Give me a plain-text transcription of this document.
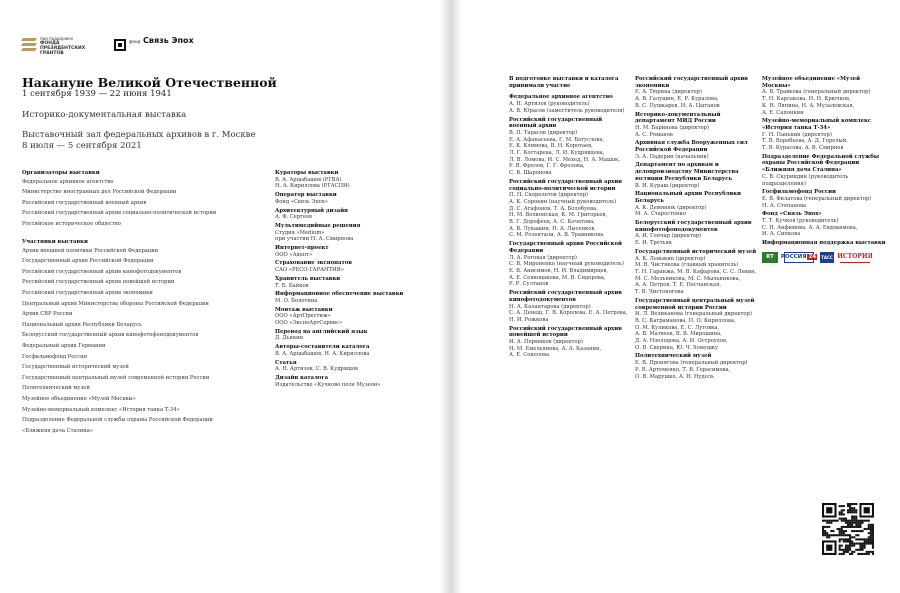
при поддержке
ФОНДА
ПРЕЗИДЕНТСКИХ
ГРАНТОВ
фонд Связь Эпох
Накануне Великой Отечественной
1 сентября 1939 — 22 июня 1941
Историко-документальная выставка
Выставочный зал федеральных архивов в г. Москве
8 июля — 5 сентября 2021
Организаторы выставки
Федеральное архивное агентство
Министерство иностранных дел Российской Федерации
Российский государственный военный архив
Российский государственный архив социально-политической истории
Российское историческое общество
Участники выставки
Архив внешней политики Российской Федерации
Государственный архив Российской Федерации
Российский государственный архив кинофотодокументов
Российский государственный архив новейшей истории
Российский государственный архив экономики
Центральный архив Министерства обороны Российской Федерации
Архив СВР России
Национальный архив Республики Беларусь
Белорусский государственный архив кинофотофонодокументов
Федеральный архив Германии
Госфильмофонд России
Государственный исторический музей
Государственный центральный музей современной истории России
Политехнический музей
Музейное объединение «Музей Москвы»
Музейно-мемориальный комплекс «История танка Т-34»
Подразделение Федеральной службы охраны Российской Федерации
«Ближняя дача Сталина»
Кураторы выставки
В. А. Арцыбашев (РГВА)
Н. А. Кириллова (РГАСПИ)
Оператор выставки
Фонд «Связь Эпох»
Архитектурный дизайн
А. Ф. Сергеев
Мультимедийные решения
Студия «Medium»
при участии Н. А. Смирнова
Интернет-проект
ООО «Адепт»
Страхование экспонатов
САО «РЕСО-ГАРАНТИЯ»
Хранитель выставки
Т. Б. Байков
Информационное обеспечение выставки
М. О. Болотина
Монтаж выставки
ООО «АртПрестиж»
ООО «ЭкспоАртСервис»
Перевод на английский язык
Д. Дьякин
Авторы-составители каталога
В. А. Арцыбашев, Н. А. Кириллова
Статья
А. Н. Артизов, С. В. Кудряшов
Дизайн каталога
Издательство «Кучково поле Музеон»
В подготовке выставки и каталога принимали участие
Федеральное архивное агентство
А. Н. Артизов (руководитель)
А. В. Юрасов (заместитель руководителя)
Российский государственный военный архив
В. П. Тарасов (директор)
Е. А. Афанасьева, Г. М. Богуслова,
Е. К. Климова, В. Н. Коротаев,
Л. Г. Костарева, Л. И. Кудрявцева,
Л. В. Ломова, И. С. Мехед, Н. А. Машок,
Р. В. Фролов, Г. Г. Фролова,
С. В. Шаронова
Российский государственный архив социально-политической истории
П. П. Скоролетов (директор)
А. К. Сорокин (научный руководитель)
Д. С. Агафонов, Т. А. Болобуева,
Н. М. Волконская, К. М. Григорьев,
В. Г. Дорофеев, А. С. Кочетова,
А. В. Лукашин, Н. А. Лысенков,
С. М. Розентали, А. В. Травникова
Государственный архив Российской Федерации
Л. А. Роговая (директор)
С. В. Мироненко (научный руководитель)
Е. В. Анисимов, Н. И. Владимирцев,
А. Е. Сенющакова, М. В. Сидорова,
Р. Р. Султанов
Российский государственный архив кинофотодокументов
Н. А. Калантарова (директор)
С. А. Денеш, Г. В. Королева, Е. А. Петрова,
Н. И. Рожкова
Российский государственный архив новейшей истории
И. А. Пермяков (директор)
Н. М. Емельянова, А. А. Казанин,
А. Е. Соколова
Российский государственный архив экономики
Е. А. Тюрина (директор)
А. В. Галушин, Е. Р. Куралова,
В. С. Пушкарев, И. А. Цыганов
Историко-документальный департамент МИД России
Н. М. Баринова (директор)
А. С. Романов
Архивная служба Вооруженных сил Российской Федерации
Э. А. Падерин (начальник)
Департамент по архивам и делопроизводству Министерства юстиции Республики Беларусь
В. И. Кураш (директор)
Национальный архив Республики Беларусь
А. К. Демянюк (директор)
М. А. Старостенко
Белорусский государственный архив кинофотофонодокументов
А. И. Гончар (директор)
Е. И. Третьяк
Государственный исторический музей
А. К. Левыкин (директор)
М. В. Чистякова (главный хранитель)
Т. Н. Гаранжа, М. В. Кафарова, С. С. Левин,
М. С. Мельникова, М. С. Мыльникова,
А. А. Петров, Т. Е. Песчанская,
Т. В. Чистоногова
Государственный центральный музей современной истории России
И. Л. Великанова (генеральный директор)
В. С. Каграманова, П. О. Кириллова,
О. М. Куликова, Е. С. Луговка,
А. В. Матвеев, В. В. Мирошина,
Д. А. Нэолодова, А. И. Остроухов,
О. В. Сверина, Ю. Ч. Хомушку
Политехнический музей
Е. В. Пронягова (генеральный директор)
Р. В. Артеменко, Т. В. Герасимова,
О. В. Марушко, А. Н. Нудель
Музейное объединение «Музей Москвы»
А. В. Травкова (генеральный директор)
Т. Н. Карсакова, Н. Н. Крючков,
К. Н. Ляпина, Н. А. Музалевская,
А. Е. Сапонкин
Музейно-мемориальный комплекс «История танка Т-34»
Г. Н. Панькин (директор)
Т. В. Воробьева, А. Д. Горелый,
Т. В. Курасова, А. В. Смирнов
Подразделение Федеральной службы охраны Российской Федерации «Ближняя дача Сталина»
С. В. Скуриндин (руководитель подразделения)
Госфильмофонд России
Е. В. Филатова (генеральный директор)
Н. А. Степанова
Фонд «Связь Эпох»
Т. Т. Кучков (руководитель)
С. Н. Анфимова, А. А. Евдокимова,
И. А. Сипкова
Информационная поддержка выставки
RT РОССИЯ 24 ТАСС ИСТОРИЯ
